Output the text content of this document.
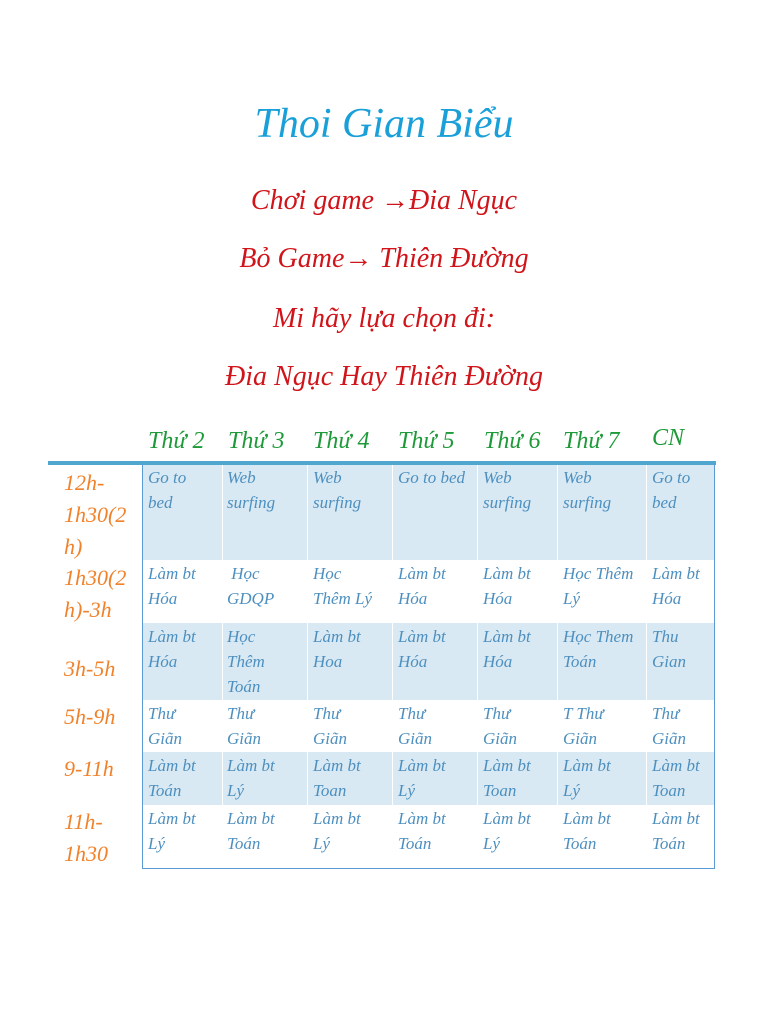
Thoi Gian Biểu
Chơi game →Đia Ngục
Bỏ Game→ Thiên Đường
Mi hãy lựa chọn đi:
Đia Ngục Hay Thiên Đường
Thứ 2 Thứ 3 Thứ 4 Thứ 5 Thứ 6 Thứ 7 CN
12h-
1h30(2
h)
1h30(2
h)-3h
3h-5h
5h-9h
9-11h
11h-
1h30
Go to
bed
Web
surfing
Web
surfing
Go to bed Web
surfing
Web
surfing
Go to
bed
Làm bt
Hóa
Học
GDQP
Học
Thêm Lý
Làm bt
Hóa
Làm bt
Hóa
Học Thêm
Lý
Làm bt
Hóa
Làm bt
Hóa
Học
Thêm
Toán
Làm bt
Hoa
Làm bt
Hóa
Làm bt
Hóa
Học Them
Toán
Thu
Gian
Thư
Giãn
Thư
Giãn
Thư
Giãn
Thư
Giãn
Thư
Giãn
T Thư
Giãn
Thư
Giãn
Làm bt
Toán
Làm bt
Lý
Làm bt
Toan
Làm bt
Lý
Làm bt
Toan
Làm bt
Lý
Làm bt
Toan
Làm bt
Lý
Làm bt
Toán
Làm bt
Lý
Làm bt
Toán
Làm bt
Lý
Làm bt
Toán
Làm bt
Toán
